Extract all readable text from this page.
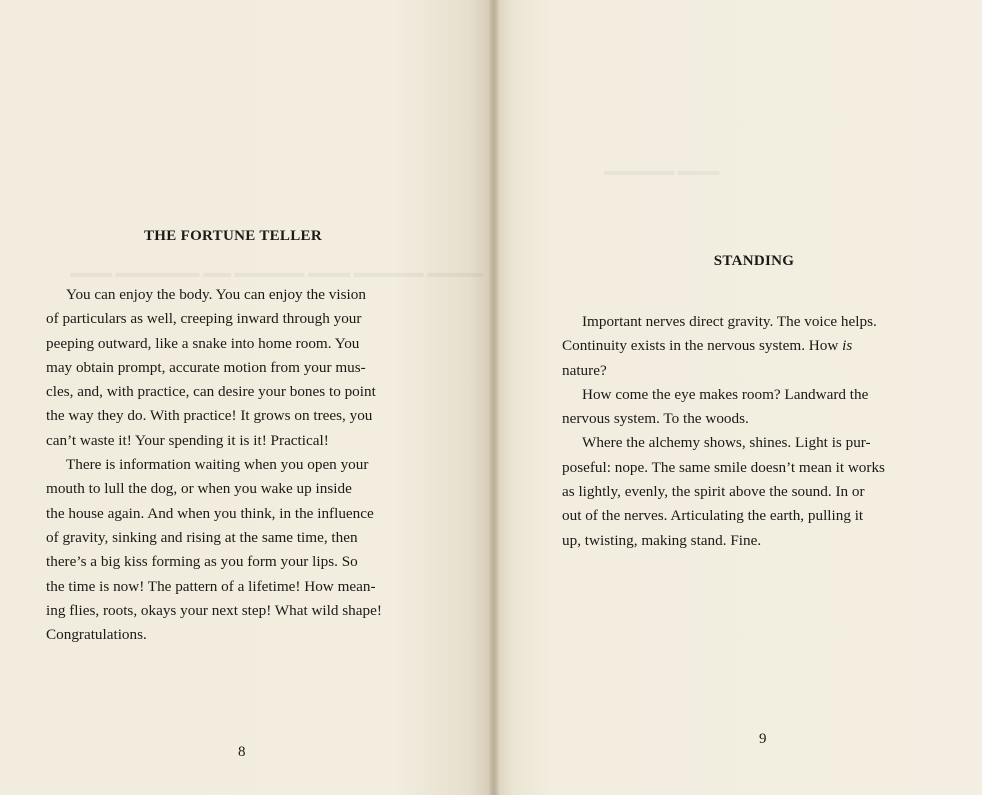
THE FORTUNE TELLER

You can enjoy the body. You can enjoy the vision

of particulars as well, creeping inward through your
peeping outward, like a snake into home room. You
may obtain prompt, accurate motion from your mus-
cles, and, with practice, can desire your bones to point
the way they do. With practice! It grows on trees, you
can’t waste it! Your spending it is it! Practical!

There is information waiting when you open your

mouth to lull the dog, or when you wake up inside
the house again. And when you think, in the influence
of gravity, sinking and rising at the same time, then
there’s a big kiss forming as you form your lips. So
the time is now! The pattern of a lifetime! How mean-
ing flies, roots, okays your next step! What wild shape!
Congratulations.
8
STANDING

Important nerves direct gravity. The voice helps.

Continuity exists in the nervous system. How is
nature?

How come the eye makes room? Landward the

nervous system. To the woods.

Where the alchemy shows, shines. Light is pur-

poseful: nope. The same smile doesn’t mean it works
as lightly, evenly, the spirit above the sound. In or
out of the nerves. Articulating the earth, pulling it
up, twisting, making stand. Fine.
9
